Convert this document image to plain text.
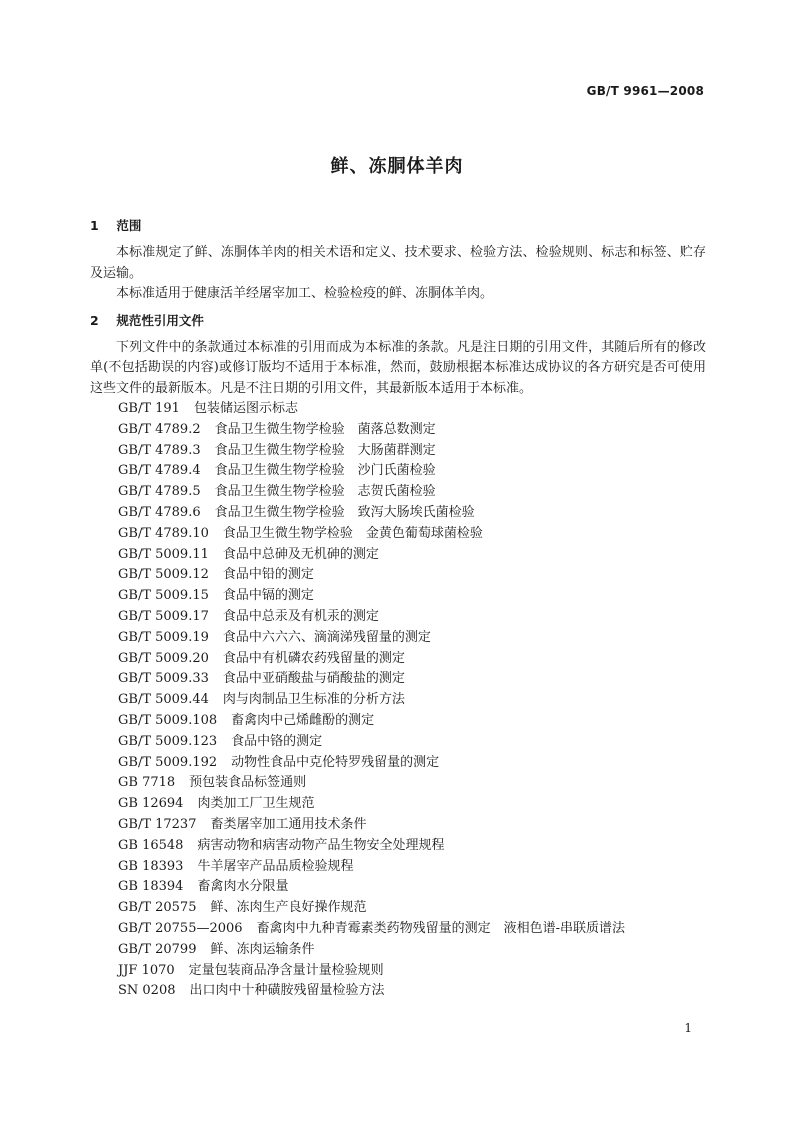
GB/T 9961—2008
鲜、冻胴体羊肉
1 范围

本标准规定了鲜、冻胴体羊肉的相关术语和定义、技术要求、检验方法、检验规则、标志和标签、贮存及运输。

本标准适用于健康活羊经屠宰加工、检验检疫的鲜、冻胴体羊肉。

2 规范性引用文件

下列文件中的条款通过本标准的引用而成为本标准的条款。凡是注日期的引用文件，其随后所有的修改单(不包括勘误的内容)或修订版均不适用于本标准，然而，鼓励根据本标准达成协议的各方研究是否可使用这些文件的最新版本。凡是不注日期的引用文件，其最新版本适用于本标准。

GB/T 191 包装储运图示标志
GB/T 4789.2 食品卫生微生物学检验　菌落总数测定
GB/T 4789.3 食品卫生微生物学检验　大肠菌群测定
GB/T 4789.4 食品卫生微生物学检验　沙门氏菌检验
GB/T 4789.5 食品卫生微生物学检验　志贺氏菌检验
GB/T 4789.6 食品卫生微生物学检验　致泻大肠埃氏菌检验
GB/T 4789.10 食品卫生微生物学检验　金黄色葡萄球菌检验
GB/T 5009.11 食品中总砷及无机砷的测定
GB/T 5009.12 食品中铅的测定
GB/T 5009.15 食品中镉的测定
GB/T 5009.17 食品中总汞及有机汞的测定
GB/T 5009.19 食品中六六六、滴滴涕残留量的测定
GB/T 5009.20 食品中有机磷农药残留量的测定
GB/T 5009.33 食品中亚硝酸盐与硝酸盐的测定
GB/T 5009.44 肉与肉制品卫生标准的分析方法
GB/T 5009.108 畜禽肉中己烯雌酚的测定
GB/T 5009.123 食品中铬的测定
GB/T 5009.192 动物性食品中克伦特罗残留量的测定
GB 7718 预包装食品标签通则
GB 12694 肉类加工厂卫生规范
GB/T 17237 畜类屠宰加工通用技术条件
GB 16548 病害动物和病害动物产品生物安全处理规程
GB 18393 牛羊屠宰产品品质检验规程
GB 18394 畜禽肉水分限量
GB/T 20575 鲜、冻肉生产良好操作规范
GB/T 20755—2006 畜禽肉中九种青霉素类药物残留量的测定　液相色谱-串联质谱法
GB/T 20799 鲜、冻肉运输条件
JJF 1070 定量包装商品净含量计量检验规则
SN 0208 出口肉中十种磺胺残留量检验方法
1
